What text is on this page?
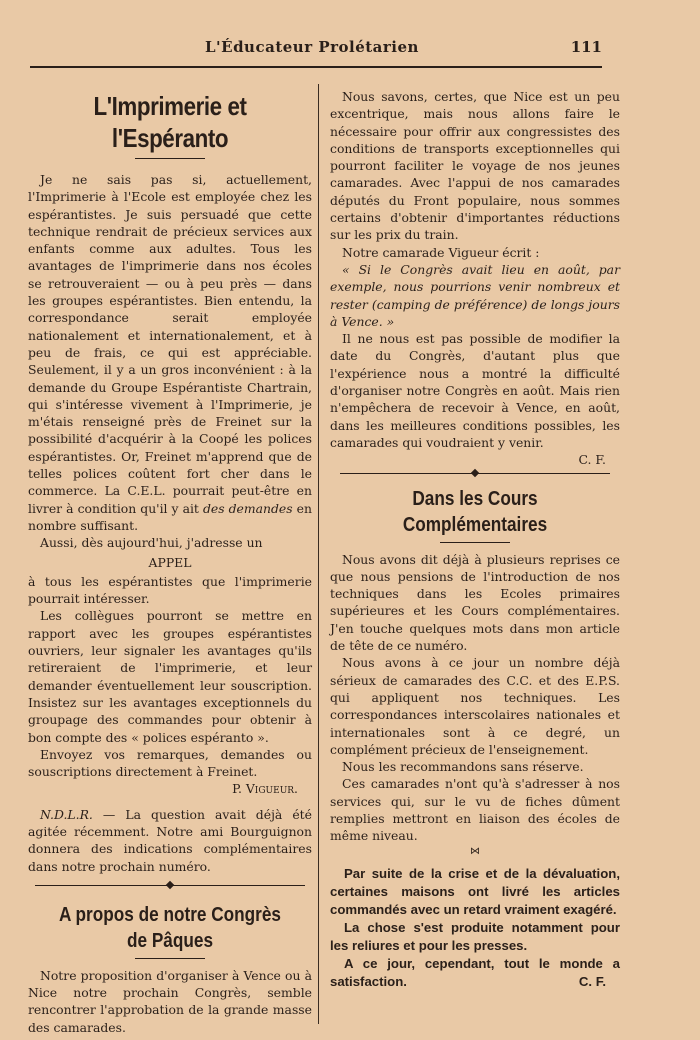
L'Éducateur Prolétarien	111
L'Imprimerie et l'Espéranto

Je ne sais pas si, actuellement, l'Imprimerie à l'Ecole est employée chez les espérantistes. Je suis persuadé que cette technique rendrait de précieux services aux enfants comme aux adultes. Tous les avantages de l'imprimerie dans nos écoles se retrouveraient — ou à peu près — dans les groupes espérantistes. Bien entendu, la correspondance serait employée nationalement et internationalement, et à peu de frais, ce qui est appréciable. Seulement, il y a un gros inconvénient : à la demande du Groupe Espérantiste Chartrain, qui s'intéresse vivement à l'Imprimerie, je m'étais renseigné près de Freinet sur la possibilité d'acquérir à la Coopé les polices espérantistes. Or, Freinet m'apprend que de telles polices coûtent fort cher dans le commerce. La C.E.L. pourrait peut-être en livrer à condition qu'il y ait des demandes en nombre suffisant.

Aussi, dès aujourd'hui, j'adresse un

APPEL

à tous les espérantistes que l'imprimerie pourrait intéresser.

Les collègues pourront se mettre en rapport avec les groupes espérantistes ouvriers, leur signaler les avantages qu'ils retireraient de l'imprimerie, et leur demander éventuellement leur souscription. Insistez sur les avantages exceptionnels du groupage des commandes pour obtenir à bon compte des « polices espéranto ».

Envoyez vos remarques, demandes ou souscriptions directement à Freinet.

P. Vigueur.

N.D.L.R. — La question avait déjà été agitée récemment. Notre ami Bourguignon donnera des indications complémentaires dans notre prochain numéro.

A propos de notre Congrès de Pâques

Notre proposition d'organiser à Vence ou à Nice notre prochain Congrès, semble rencontrer l'approbation de la grande masse des camarades.

Nous savons, certes, que Nice est un peu excentrique, mais nous allons faire le nécessaire pour offrir aux congressistes des conditions de transports exceptionnelles qui pourront faciliter le voyage de nos jeunes camarades. Avec l'appui de nos camarades députés du Front populaire, nous sommes certains d'obtenir d'importantes réductions sur les prix du train.

Notre camarade Vigueur écrit :

« Si le Congrès avait lieu en août, par exemple, nous pourrions venir nombreux et rester (camping de préférence) de longs jours à Vence. »

Il ne nous est pas possible de modifier la date du Congrès, d'autant plus que l'expérience nous a montré la difficulté d'organiser notre Congrès en août. Mais rien n'empêchera de recevoir à Vence, en août, dans les meilleures conditions possibles, les camarades qui voudraient y venir.

C. F.

Dans les Cours Complémentaires

Nous avons dit déjà à plusieurs reprises ce que nous pensions de l'introduction de nos techniques dans les Ecoles primaires supérieures et les Cours complémentaires. J'en touche quelques mots dans mon article de tête de ce numéro.

Nous avons à ce jour un nombre déjà sérieux de camarades des C.C. et des E.P.S. qui appliquent nos techniques. Les correspondances interscolaires nationales et internationales sont à ce degré, un complément précieux de l'enseignement.

Nous les recommandons sans réserve.

Ces camarades n'ont qu'à s'adresser à nos services qui, sur le vu de fiches dûment remplies mettront en liaison des écoles de même niveau.

⋈

Par suite de la crise et de la dévaluation, certaines maisons ont livré les articles commandés avec un retard vraiment exagéré.

La chose s'est produite notamment pour les reliures et pour les presses.

A ce jour, cependant, tout le monde a satisfaction.	C. F.
